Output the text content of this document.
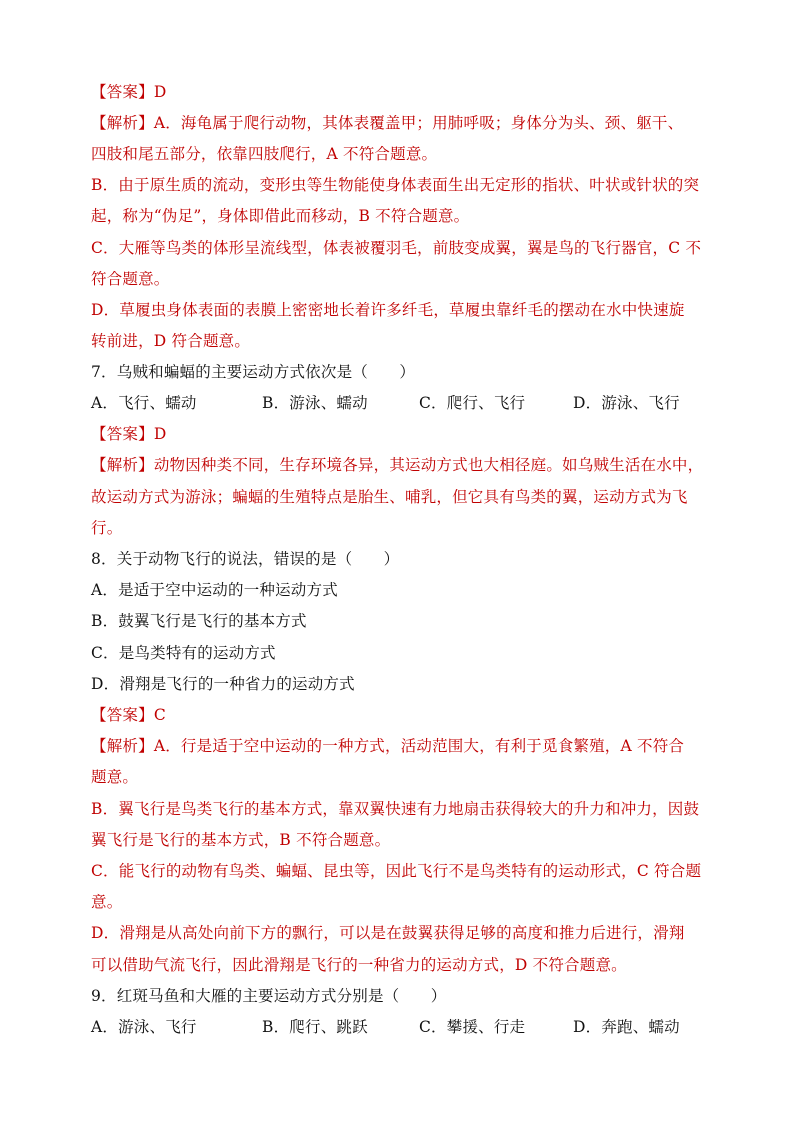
【答案】D
【解析】A．海龟属于爬行动物，其体表覆盖甲；用肺呼吸；身体分为头、颈、躯干、
四肢和尾五部分，依靠四肢爬行，A 不符合题意。
B．由于原生质的流动，变形虫等生物能使身体表面生出无定形的指状、叶状或针状的突
起，称为“伪足”，身体即借此而移动，B 不符合题意。
C．大雁等鸟类的体形呈流线型，体表被覆羽毛，前肢变成翼，翼是鸟的飞行器官，C 不
符合题意。
D．草履虫身体表面的表膜上密密地长着许多纤毛，草履虫靠纤毛的摆动在水中快速旋
转前进，D 符合题意。
7．乌贼和蝙蝠的主要运动方式依次是（　　）
A．飞行、蠕动	B．游泳、蠕动	C．爬行、飞行	D．游泳、飞行
【答案】D
【解析】动物因种类不同，生存环境各异，其运动方式也大相径庭。如乌贼生活在水中，
故运动方式为游泳；蝙蝠的生殖特点是胎生、哺乳，但它具有鸟类的翼，运动方式为飞
行。
8．关于动物飞行的说法，错误的是（　　）
A．是适于空中运动的一种运动方式
B．鼓翼飞行是飞行的基本方式
C．是鸟类特有的运动方式
D．滑翔是飞行的一种省力的运动方式
【答案】C
【解析】A．行是适于空中运动的一种方式，活动范围大，有利于觅食繁殖，A 不符合
题意。
B．翼飞行是鸟类飞行的基本方式，靠双翼快速有力地扇击获得较大的升力和冲力，因鼓
翼飞行是飞行的基本方式，B 不符合题意。
C．能飞行的动物有鸟类、蝙蝠、昆虫等，因此飞行不是鸟类特有的运动形式，C 符合题
意。
D．滑翔是从高处向前下方的飘行，可以是在鼓翼获得足够的高度和推力后进行，滑翔
可以借助气流飞行，因此滑翔是飞行的一种省力的运动方式，D 不符合题意。
9．红斑马鱼和大雁的主要运动方式分别是（　　）
A．游泳、飞行	B．爬行、跳跃	C．攀援、行走	D．奔跑、蠕动
